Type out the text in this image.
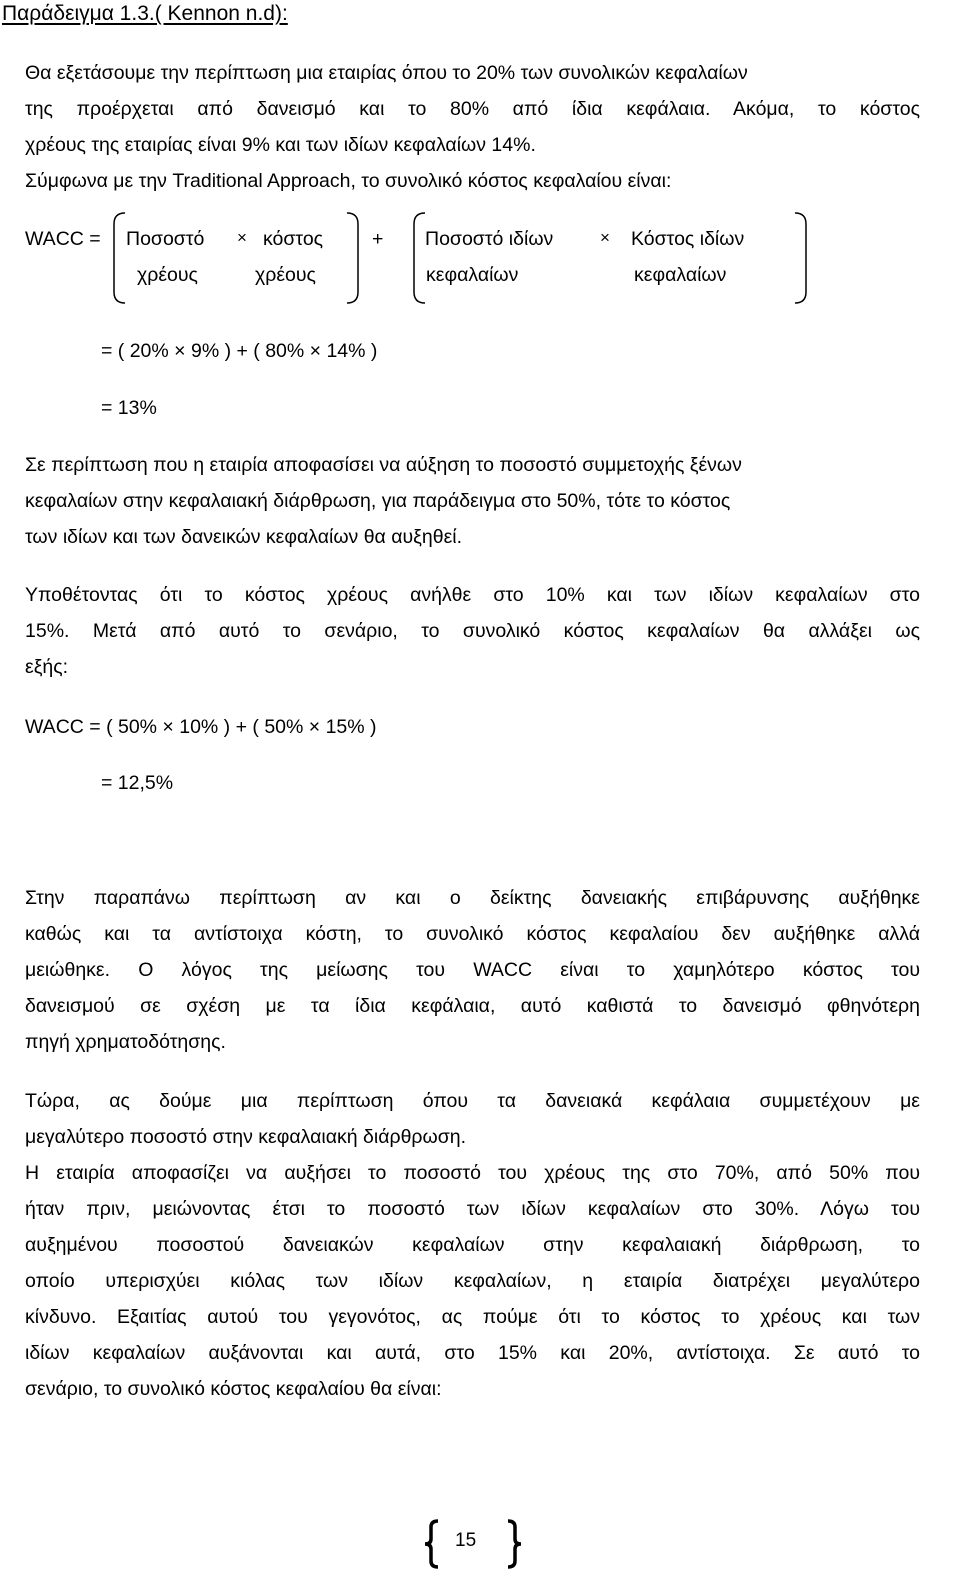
Παράδειγμα 1.3.( Kennon n.d):

Θα εξετάσουμε την περίπτωση μια εταιρίας όπου το 20% των συνολικών κεφαλαίων
της προέρχεται από δανεισμό και το 80% από ίδια κεφάλαια. Ακόμα, το κόστος
χρέους της εταιρίας είναι 9% και των ιδίων κεφαλαίων 14%.
Σύμφωνα με την Traditional Approach, το συνολικό κόστος κεφαλαίου είναι:
WACC = Ποσοστό × κόστος
χρέους	χρέους
+ Ποσοστό ιδίων	× Κόστος ιδίων
κεφαλαίων	κεφαλαίων
= ( 20% × 9% ) + ( 80% × 14% )
= 13%
Σε περίπτωση που η εταιρία αποφασίσει να αύξηση το ποσοστό συμμετοχής ξένων
κεφαλαίων στην κεφαλαιακή διάρθρωση, για παράδειγμα στο 50%, τότε το κόστος
των ιδίων και των δανεικών κεφαλαίων θα αυξηθεί.
Υποθέτοντας ότι το κόστος χρέους ανήλθε στο 10% και των ιδίων κεφαλαίων στο
15%. Μετά από αυτό το σενάριο, το συνολικό κόστος κεφαλαίων θα αλλάξει ως
εξής:
WACC = ( 50% × 10% ) + ( 50% × 15% )
= 12,5%
Στην παραπάνω περίπτωση αν και ο δείκτης δανειακής επιβάρυνσης αυξήθηκε
καθώς και τα αντίστοιχα κόστη, το συνολικό κόστος κεφαλαίου δεν αυξήθηκε αλλά
μειώθηκε. Ο λόγος της μείωσης του WACC είναι το χαμηλότερο κόστος του
δανεισμού σε σχέση με τα ίδια κεφάλαια, αυτό καθιστά το δανεισμό φθηνότερη
πηγή χρηματοδότησης.
Τώρα, ας δούμε μια περίπτωση όπου τα δανειακά κεφάλαια συμμετέχουν με
μεγαλύτερο ποσοστό στην κεφαλαιακή διάρθρωση.
Η εταιρία αποφασίζει να αυξήσει το ποσοστό του χρέους της στο 70%, από 50% που
ήταν πριν, μειώνοντας έτσι το ποσοστό των ιδίων κεφαλαίων στο 30%. Λόγω του
αυξημένου ποσοστού δανειακών κεφαλαίων στην κεφαλαιακή διάρθρωση, το
οποίο υπερισχύει κιόλας των ιδίων κεφαλαίων, η εταιρία διατρέχει μεγαλύτερο
κίνδυνο. Εξαιτίας αυτού του γεγονότος, ας πούμε ότι το κόστος το χρέους και των
ιδίων κεφαλαίων αυξάνονται και αυτά, στο 15% και 20%, αντίστοιχα. Σε αυτό το
σενάριο, το συνολικό κόστος κεφαλαίου θα είναι:
15
